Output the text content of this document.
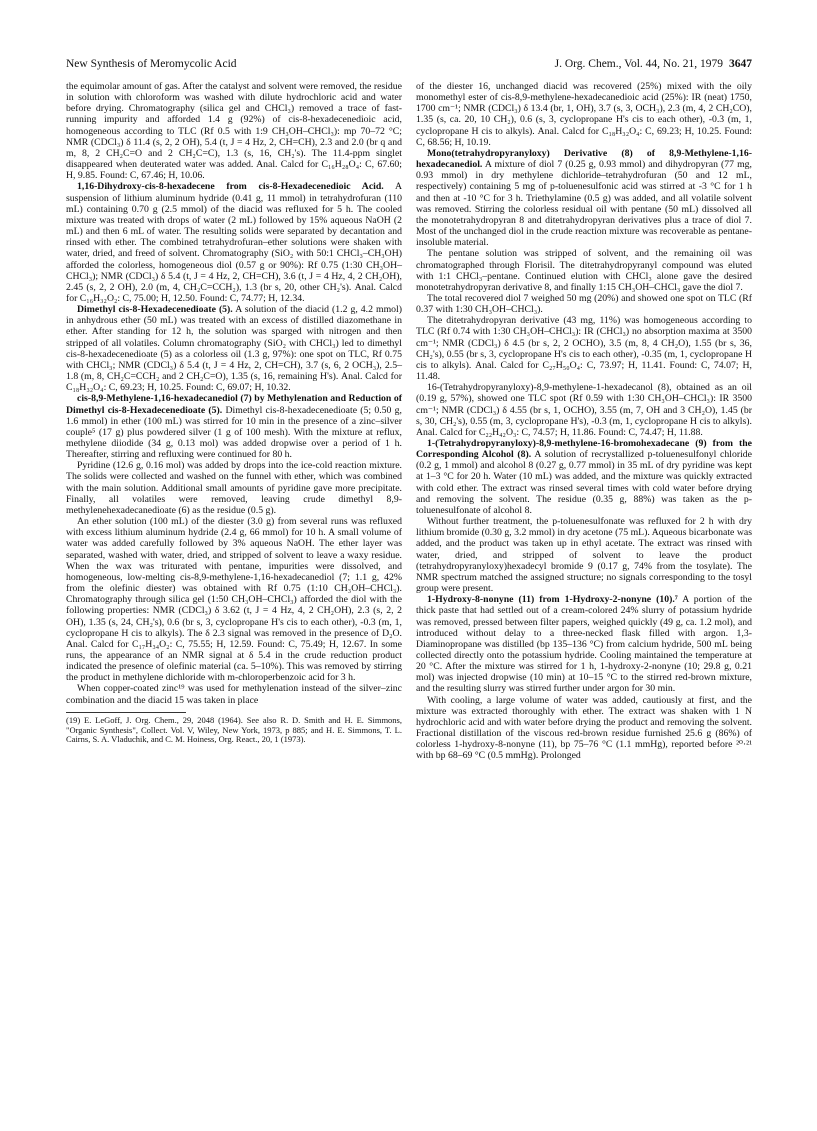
New Synthesis of Meromycolic Acid	J. Org. Chem., Vol. 44, No. 21, 1979 3647

the equimolar amount of gas. After the catalyst and solvent were removed, the residue in solution with chloroform was washed with dilute hydrochloric acid and water before drying. Chromatography (silica gel and CHCl₃) removed a trace of fast-running impurity and afforded 1.4 g (92%) of cis-8-hexadecenedioic acid, homogeneous according to TLC (Rf 0.5 with 1:9 CH₃OH–CHCl₃): mp 70–72 °C; NMR (CDCl₃) δ 11.4 (s, 2, 2 OH), 5.4 (t, J = 4 Hz, 2, CH=CH), 2.3 and 2.0 (br q and m, 8, 2 CH₂C=O and 2 CH₂C=C), 1.3 (s, 16, CH₂'s). The 11.4-ppm singlet disappeared when deuterated water was added. Anal. Calcd for C₁₆H₂₈O₄: C, 67.60; H, 9.85. Found: C, 67.46; H, 10.06.

1,16-Dihydroxy-cis-8-hexadecene from cis-8-Hexadecenedioic Acid. A suspension of lithium aluminum hydride (0.41 g, 11 mmol) in tetrahydrofuran (110 mL) containing 0.70 g (2.5 mmol) of the diacid was refluxed for 5 h. The cooled mixture was treated with drops of water (2 mL) followed by 15% aqueous NaOH (2 mL) and then 6 mL of water. The resulting solids were separated by decantation and rinsed with ether. The combined tetrahydrofuran–ether solutions were shaken with water, dried, and freed of solvent. Chromatography (SiO₂ with 50:1 CHCl₃–CH₃OH) afforded the colorless, homogeneous diol (0.57 g or 90%): Rf 0.75 (1:30 CH₃OH–CHCl₃); NMR (CDCl₃) δ 5.4 (t, J = 4 Hz, 2, CH=CH), 3.6 (t, J = 4 Hz, 4, 2 CH₂OH), 2.45 (s, 2, 2 OH), 2.0 (m, 4, CH₂C=CCH₂), 1.3 (br s, 20, other CH₂'s). Anal. Calcd for C₁₆H₃₂O₂: C, 75.00; H, 12.50. Found: C, 74.77; H, 12.34.

Dimethyl cis-8-Hexadecenedioate (5). A solution of the diacid (1.2 g, 4.2 mmol) in anhydrous ether (50 mL) was treated with an excess of distilled diazomethane in ether. After standing for 12 h, the solution was sparged with nitrogen and then stripped of all volatiles. Column chromatography (SiO₂ with CHCl₃) led to dimethyl cis-8-hexadecenedioate (5) as a colorless oil (1.3 g, 97%): one spot on TLC, Rf 0.75 with CHCl₃; NMR (CDCl₃) δ 5.4 (t, J = 4 Hz, 2, CH=CH), 3.7 (s, 6, 2 OCH₃), 2.5–1.8 (m, 8, CH₂C=CCH₂ and 2 CH₂C=O), 1.35 (s, 16, remaining H's). Anal. Calcd for C₁₈H₃₂O₄: C, 69.23; H, 10.25. Found: C, 69.07; H, 10.32.

cis-8,9-Methylene-1,16-hexadecanediol (7) by Methylenation and Reduction of Dimethyl cis-8-Hexadecenedioate (5). Dimethyl cis-8-hexadecenedioate (5; 0.50 g, 1.6 mmol) in ether (100 mL) was stirred for 10 min in the presence of a zinc–silver couple⁵ (17 g) plus powdered silver (1 g of 100 mesh). With the mixture at reflux, methylene diiodide (34 g, 0.13 mol) was added dropwise over a period of 1 h. Thereafter, stirring and refluxing were continued for 80 h.

Pyridine (12.6 g, 0.16 mol) was added by drops into the ice-cold reaction mixture. The solids were collected and washed on the funnel with ether, which was combined with the main solution. Additional small amounts of pyridine gave more precipitate. Finally, all volatiles were removed, leaving crude dimethyl 8,9-methylenehexadecanedioate (6) as the residue (0.5 g).

An ether solution (100 mL) of the diester (3.0 g) from several runs was refluxed with excess lithium aluminum hydride (2.4 g, 66 mmol) for 10 h. A small volume of water was added carefully followed by 3% aqueous NaOH. The ether layer was separated, washed with water, dried, and stripped of solvent to leave a waxy residue. When the wax was triturated with pentane, impurities were dissolved, and homogeneous, low-melting cis-8,9-methylene-1,16-hexadecanediol (7; 1.1 g, 42% from the olefinic diester) was obtained with Rf 0.75 (1:10 CH₃OH–CHCl₃). Chromatography through silica gel (1:50 CH₃OH–CHCl₃) afforded the diol with the following properties: NMR (CDCl₃) δ 3.62 (t, J = 4 Hz, 4, 2 CH₂OH), 2.3 (s, 2, 2 OH), 1.35 (s, 24, CH₂'s), 0.6 (br s, 3, cyclopropane H's cis to each other), -0.3 (m, 1, cyclopropane H cis to alkyls). The δ 2.3 signal was removed in the presence of D₂O. Anal. Calcd for C₁₇H₃₄O₂: C, 75.55; H, 12.59. Found: C, 75.49; H, 12.67. In some runs, the appearance of an NMR signal at δ 5.4 in the crude reduction product indicated the presence of olefinic material (ca. 5–10%). This was removed by stirring the product in methylene dichloride with m-chloroperbenzoic acid for 3 h.

When copper-coated zinc¹⁹ was used for methylenation instead of the silver–zinc combination and the diacid 15 was taken in place

(19) E. LeGoff, J. Org. Chem., 29, 2048 (1964). See also R. D. Smith and H. E. Simmons, "Organic Synthesis", Collect. Vol. V, Wiley, New York, 1973, p 885; and H. E. Simmons, T. L. Cairns, S. A. Vladuchik, and C. M. Hoiness, Org. React., 20, 1 (1973).

of the diester 16, unchanged diacid was recovered (25%) mixed with the oily monomethyl ester of cis-8,9-methylene-hexadecanedioic acid (25%): IR (neat) 1750, 1700 cm⁻¹; NMR (CDCl₃) δ 13.4 (br, 1, OH), 3.7 (s, 3, OCH₃), 2.3 (m, 4, 2 CH₂CO), 1.35 (s, ca. 20, 10 CH₂), 0.6 (s, 3, cyclopropane H's cis to each other), -0.3 (m, 1, cyclopropane H cis to alkyls). Anal. Calcd for C₁₈H₃₂O₄: C, 69.23; H, 10.25. Found: C, 68.56; H, 10.19.

Mono(tetrahydropyranyloxy) Derivative (8) of 8,9-Methylene-1,16-hexadecanediol. A mixture of diol 7 (0.25 g, 0.93 mmol) and dihydropyran (77 mg, 0.93 mmol) in dry methylene dichloride–tetrahydrofuran (50 and 12 mL, respectively) containing 5 mg of p-toluenesulfonic acid was stirred at -3 °C for 1 h and then at -10 °C for 3 h. Triethylamine (0.5 g) was added, and all volatile solvent was removed. Stirring the colorless residual oil with pentane (50 mL) dissolved all the monotetrahydropyran 8 and ditetrahydropyran derivatives plus a trace of diol 7. Most of the unchanged diol in the crude reaction mixture was recoverable as pentane-insoluble material.

The pentane solution was stripped of solvent, and the remaining oil was chromatographed through Florisil. The ditetrahydropyranyl compound was eluted with 1:1 CHCl₃–pentane. Continued elution with CHCl₃ alone gave the desired monotetrahydropyran derivative 8, and finally 1:15 CH₃OH–CHCl₃ gave the diol 7.

The total recovered diol 7 weighed 50 mg (20%) and showed one spot on TLC (Rf 0.37 with 1:30 CH₃OH–CHCl₃).

The ditetrahydropyran derivative (43 mg, 11%) was homogeneous according to TLC (Rf 0.74 with 1:30 CH₃OH–CHCl₃): IR (CHCl₃) no absorption maxima at 3500 cm⁻¹; NMR (CDCl₃) δ 4.5 (br s, 2, 2 OCHO), 3.5 (m, 8, 4 CH₂O), 1.55 (br s, 36, CH₂'s), 0.55 (br s, 3, cyclopropane H's cis to each other), -0.35 (m, 1, cyclopropane H cis to alkyls). Anal. Calcd for C₂₇H₅₀O₄: C, 73.97; H, 11.41. Found: C, 74.07; H, 11.48.

16-(Tetrahydropyranyloxy)-8,9-methylene-1-hexadecanol (8), obtained as an oil (0.19 g, 57%), showed one TLC spot (Rf 0.59 with 1:30 CH₃OH–CHCl₃): IR 3500 cm⁻¹; NMR (CDCl₃) δ 4.55 (br s, 1, OCHO), 3.55 (m, 7, OH and 3 CH₂O), 1.45 (br s, 30, CH₂'s), 0.55 (m, 3, cyclopropane H's), -0.3 (m, 1, cyclopropane H cis to alkyls). Anal. Calcd for C₂₂H₄₂O₃: C, 74.57; H, 11.86. Found: C, 74.47; H, 11.88.

1-(Tetrahydropyranyloxy)-8,9-methylene-16-bromohexadecane (9) from the Corresponding Alcohol (8). A solution of recrystallized p-toluenesulfonyl chloride (0.2 g, 1 mmol) and alcohol 8 (0.27 g, 0.77 mmol) in 35 mL of dry pyridine was kept at 1–3 °C for 20 h. Water (10 mL) was added, and the mixture was quickly extracted with cold ether. The extract was rinsed several times with cold water before drying and removing the solvent. The residue (0.35 g, 88%) was taken as the p-toluenesulfonate of alcohol 8.

Without further treatment, the p-toluenesulfonate was refluxed for 2 h with dry lithium bromide (0.30 g, 3.2 mmol) in dry acetone (75 mL). Aqueous bicarbonate was added, and the product was taken up in ethyl acetate. The extract was rinsed with water, dried, and stripped of solvent to leave the product (tetrahydropyranyloxy)hexadecyl bromide 9 (0.17 g, 74% from the tosylate). The NMR spectrum matched the assigned structure; no signals corresponding to the tosyl group were present.

1-Hydroxy-8-nonyne (11) from 1-Hydroxy-2-nonyne (10).⁷ A portion of the thick paste that had settled out of a cream-colored 24% slurry of potassium hydride was removed, pressed between filter papers, weighed quickly (49 g, ca. 1.2 mol), and introduced without delay to a three-necked flask filled with argon. 1,3-Diaminopropane was distilled (bp 135–136 °C) from calcium hydride, 500 mL being collected directly onto the potassium hydride. Cooling maintained the temperature at 20 °C. After the mixture was stirred for 1 h, 1-hydroxy-2-nonyne (10; 29.8 g, 0.21 mol) was injected dropwise (10 min) at 10–15 °C to the stirred red-brown mixture, and the resulting slurry was stirred further under argon for 30 min.

With cooling, a large volume of water was added, cautiously at first, and the mixture was extracted thoroughly with ether. The extract was shaken with 1 N hydrochloric acid and with water before drying the product and removing the solvent. Fractional distillation of the viscous red-brown residue furnished 25.6 g (86%) of colorless 1-hydroxy-8-nonyne (11), bp 75–76 °C (1.1 mmHg), reported before ²⁰·²¹ with bp 68–69 °C (0.5 mmHg). Prolonged
